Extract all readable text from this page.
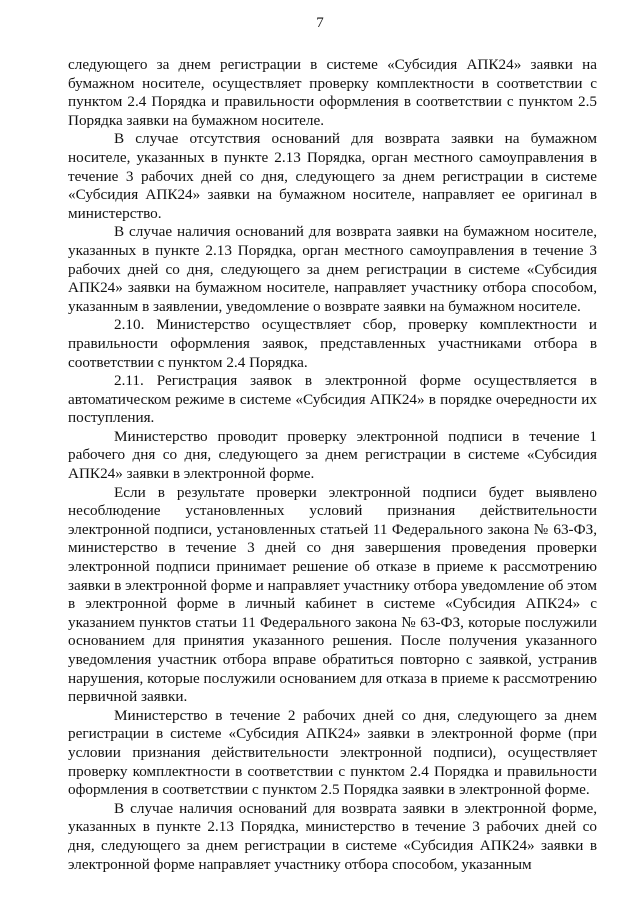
7

следующего за днем регистрации в системе «Субсидия АПК24» заявки на бумажном носителе, осуществляет проверку комплектности в соответствии с пунктом 2.4 Порядка и правильности оформления в соответствии с пунктом 2.5 Порядка заявки на бумажном носителе.

В случае отсутствия оснований для возврата заявки на бумажном носителе, указанных в пункте 2.13 Порядка, орган местного самоуправления в течение 3 рабочих дней со дня, следующего за днем регистрации в системе «Субсидия АПК24» заявки на бумажном носителе, направляет ее оригинал в министерство.

В случае наличия оснований для возврата заявки на бумажном носителе, указанных в пункте 2.13 Порядка, орган местного самоуправления в течение 3 рабочих дней со дня, следующего за днем регистрации в системе «Субсидия АПК24» заявки на бумажном носителе, направляет участнику отбора способом, указанным в заявлении, уведомление о возврате заявки на бумажном носителе.

2.10. Министерство осуществляет сбор, проверку комплектности и правильности оформления заявок, представленных участниками отбора в соответствии с пунктом 2.4 Порядка.

2.11. Регистрация заявок в электронной форме осуществляется в автоматическом режиме в системе «Субсидия АПК24» в порядке очередности их поступления.

Министерство проводит проверку электронной подписи в течение 1 рабочего дня со дня, следующего за днем регистрации в системе «Субсидия АПК24» заявки в электронной форме.

Если в результате проверки электронной подписи будет выявлено несоблюдение установленных условий признания действительности электронной подписи, установленных статьей 11 Федерального закона № 63-ФЗ, министерство в течение 3 дней со дня завершения проведения проверки электронной подписи принимает решение об отказе в приеме к рассмотрению заявки в электронной форме и направляет участнику отбора уведомление об этом в электронной форме в личный кабинет в системе «Субсидия АПК24» с указанием пунктов статьи 11 Федерального закона № 63-ФЗ, которые послужили основанием для принятия указанного решения. После получения указанного уведомления участник отбора вправе обратиться повторно с заявкой, устранив нарушения, которые послужили основанием для отказа в приеме к рассмотрению первичной заявки.

Министерство в течение 2 рабочих дней со дня, следующего за днем регистрации в системе «Субсидия АПК24» заявки в электронной форме (при условии признания действительности электронной подписи), осуществляет проверку комплектности в соответствии с пунктом 2.4 Порядка и правильности оформления в соответствии с пунктом 2.5 Порядка заявки в электронной форме.

В случае наличия оснований для возврата заявки в электронной форме, указанных в пункте 2.13 Порядка, министерство в течение 3 рабочих дней со дня, следующего за днем регистрации в системе «Субсидия АПК24» заявки в электронной форме направляет участнику отбора способом, указанным
